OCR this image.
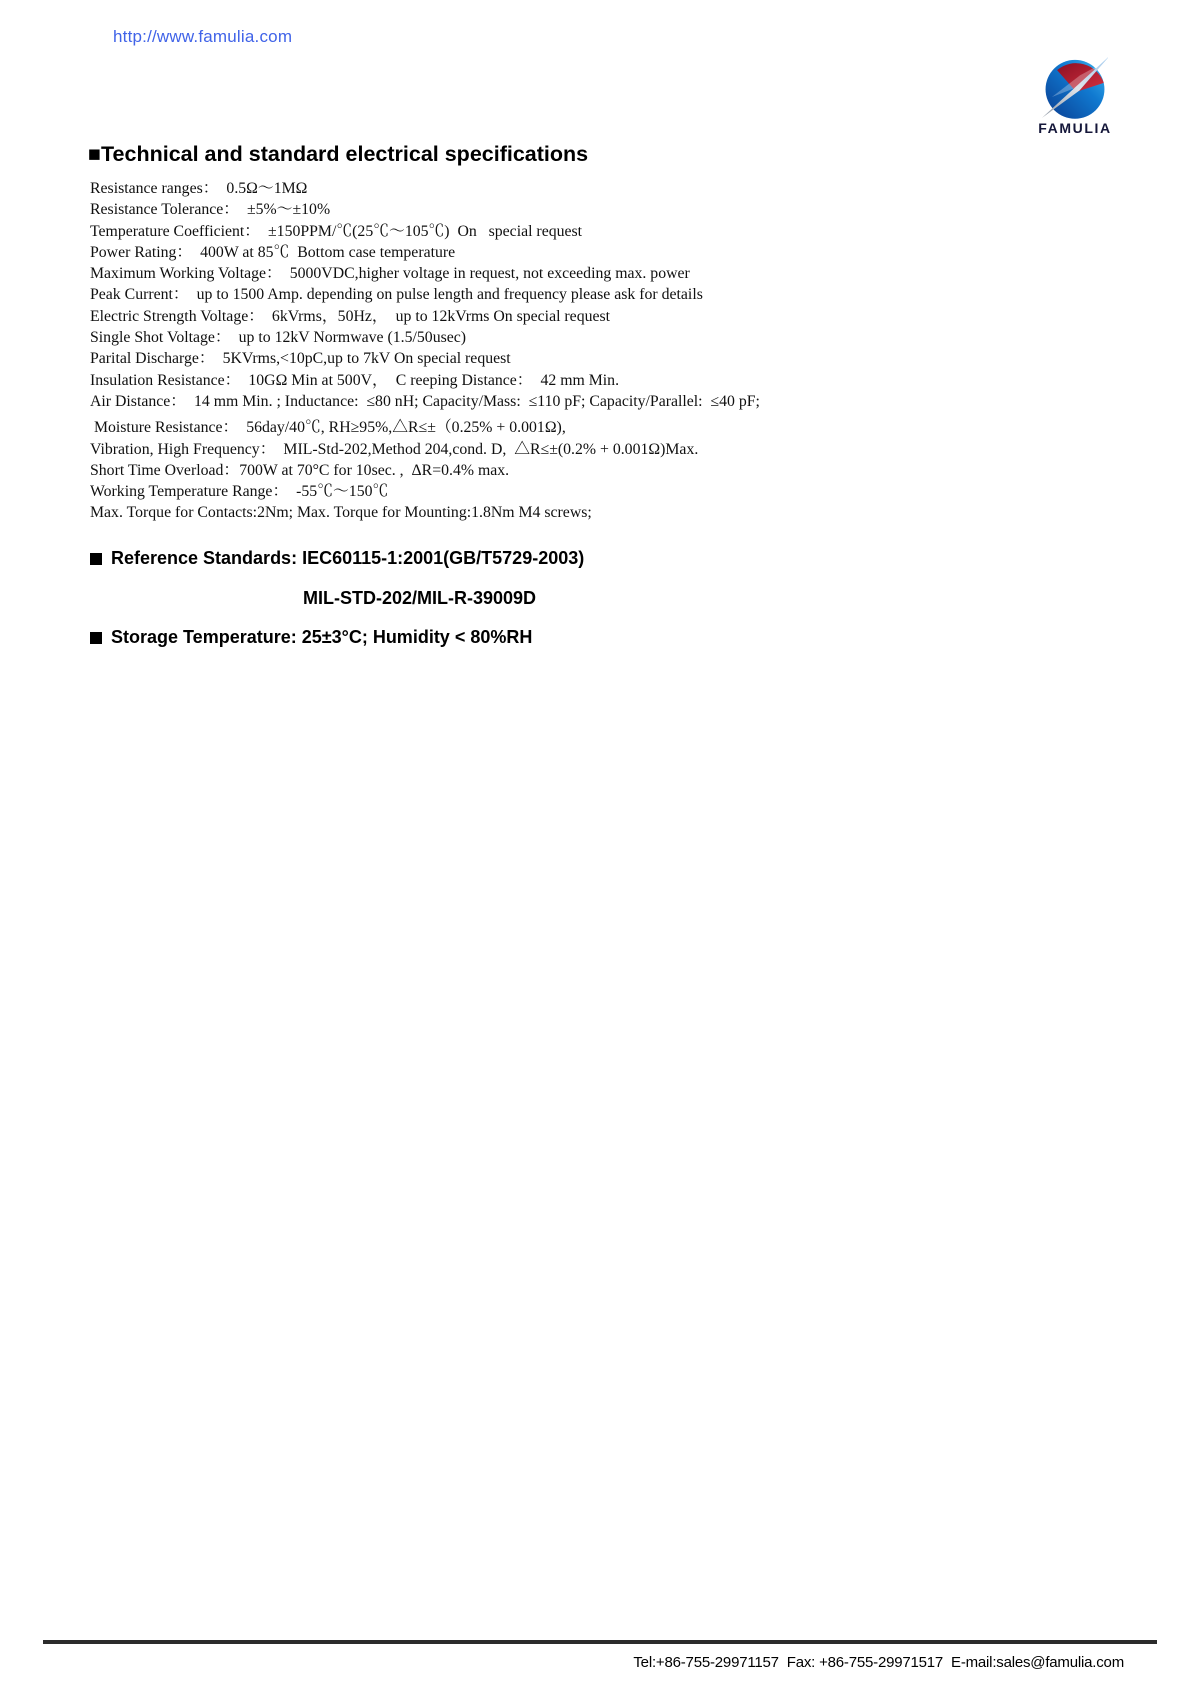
http://www.famulia.com
FAMULIA
■Technical and standard electrical specifications
Resistance ranges：  0.5Ω～1MΩ
Resistance Tolerance：  ±5%～±10%
Temperature Coefficient：  ±150PPM/℃(25℃～105℃)  On   special request
Power Rating：  400W at 85℃  Bottom case temperature
Maximum Working Voltage：  5000VDC,higher voltage in request, not exceeding max. power
Peak Current：  up to 1500 Amp. depending on pulse length and frequency please ask for details
Electric Strength Voltage：  6kVrms，50Hz，  up to 12kVrms On special request
Single Shot Voltage：  up to 12kV Normwave (1.5/50usec)
Parital Discharge：  5KVrms,<10pC,up to 7kV On special request
Insulation Resistance：  10GΩ Min at 500V，  C reeping Distance：  42 mm Min.
Air Distance：  14 mm Min. ; Inductance:  ≤80 nH; Capacity/Mass:  ≤110 pF; Capacity/Parallel:  ≤40 pF;
Moisture Resistance：  56day/40℃, RH≥95%,△R≤±（0.25% + 0.001Ω),
Vibration, High Frequency：  MIL-Std-202,Method 204,cond. D,  △R≤±(0.2% + 0.001Ω)Max.
Short Time Overload：700W at 70°C for 10sec. ,  ΔR=0.4% max.
Working Temperature Range：  -55℃～150℃
Max. Torque for Contacts:2Nm; Max. Torque for Mounting:1.8Nm M4 screws;
Reference Standards: IEC60115-1:2001(GB/T5729-2003)
MIL-STD-202/MIL-R-39009D
Storage Temperature: 25±3°C; Humidity < 80%RH
Tel:+86-755-29971157  Fax: +86-755-29971517  E-mail:sales@famulia.com
